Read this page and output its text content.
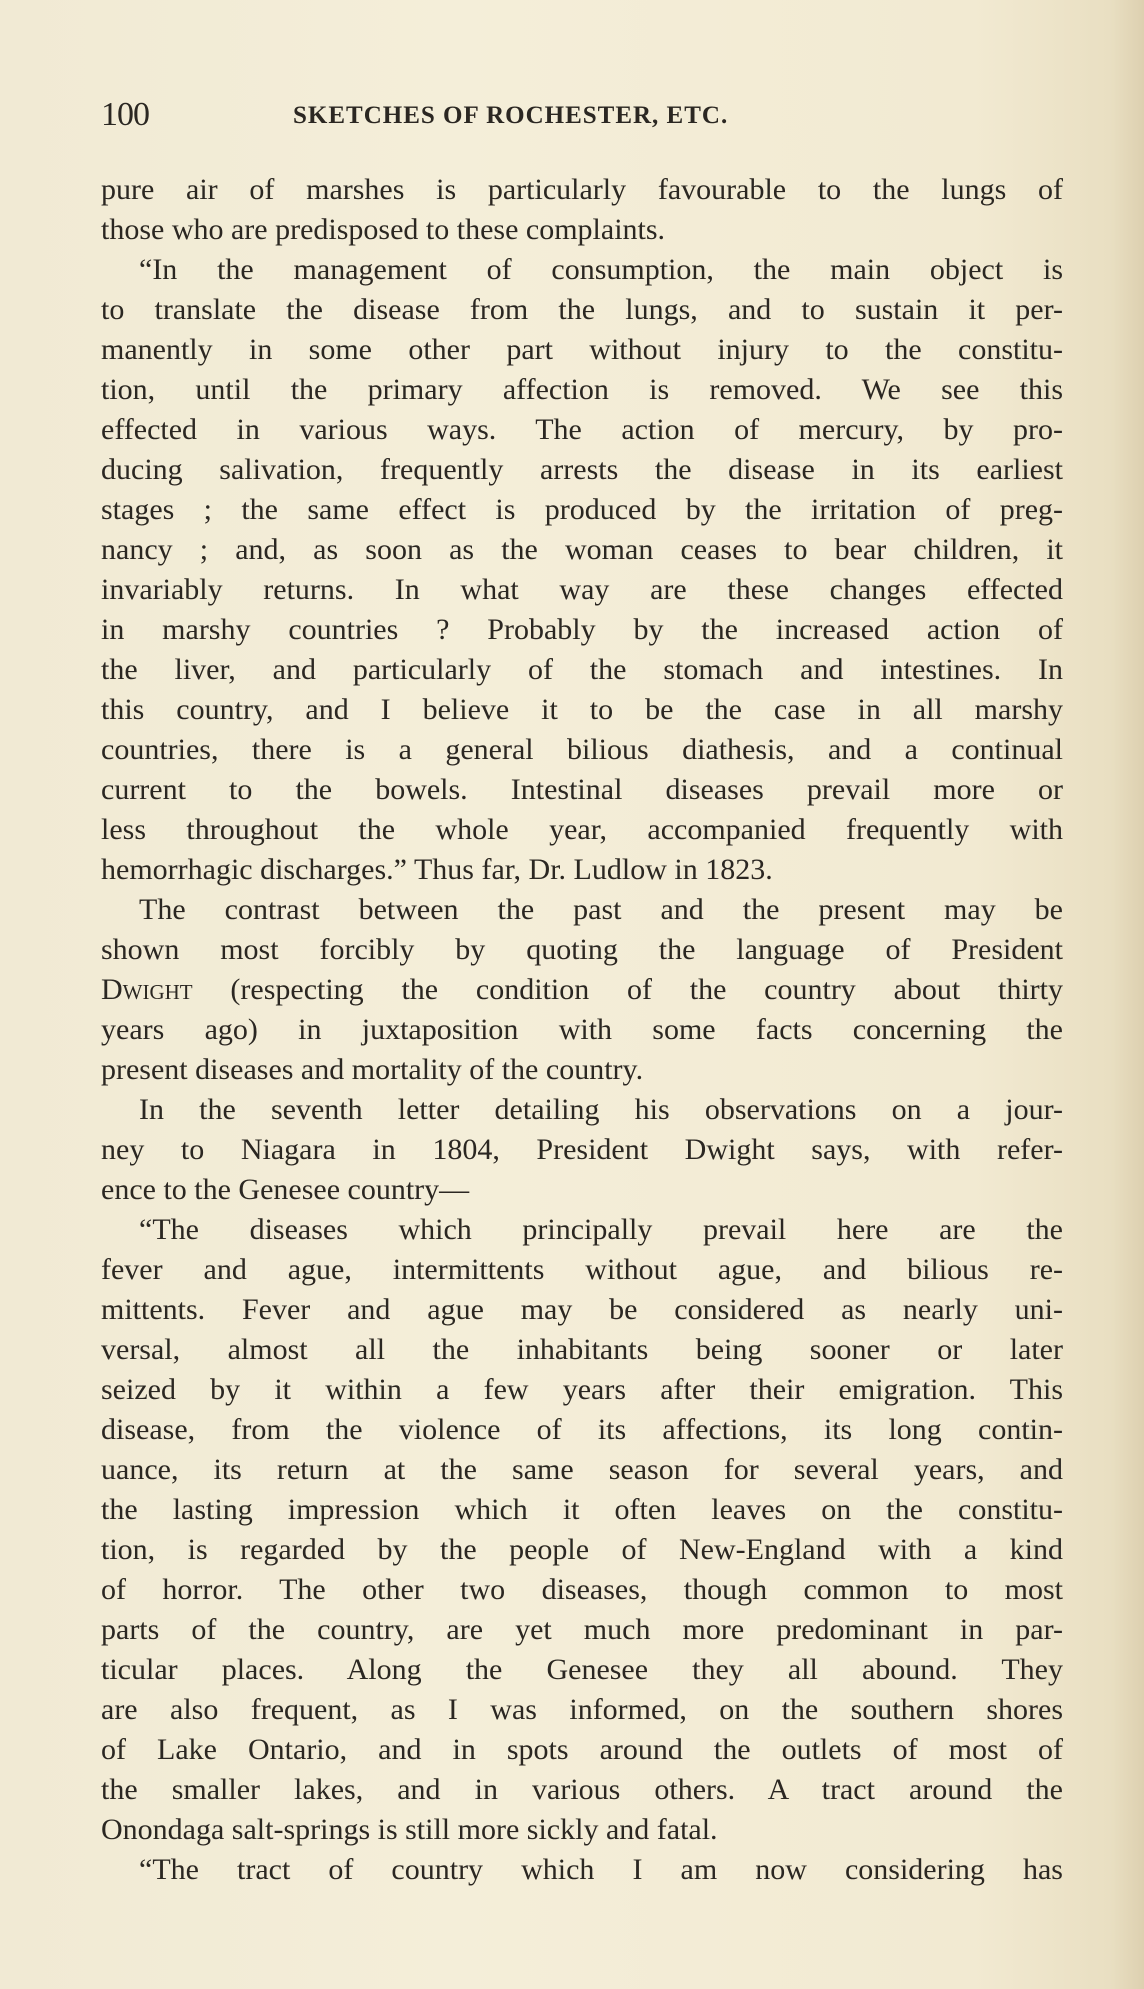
100	SKETCHES OF ROCHESTER, ETC.
pure air of marshes is particularly favourable to the lungs of
those who are predisposed to these complaints.
“In the management of consumption, the main object is
to translate the disease from the lungs, and to sustain it per-
manently in some other part without injury to the constitu-
tion, until the primary affection is removed. We see this
effected in various ways. The action of mercury, by pro-
ducing salivation, frequently arrests the disease in its earliest
stages ; the same effect is produced by the irritation of preg-
nancy ; and, as soon as the woman ceases to bear children, it
invariably returns. In what way are these changes effected
in marshy countries ? Probably by the increased action of
the liver, and particularly of the stomach and intestines. In
this country, and I believe it to be the case in all marshy
countries, there is a general bilious diathesis, and a continual
current to the bowels. Intestinal diseases prevail more or
less throughout the whole year, accompanied frequently with
hemorrhagic discharges.” Thus far, Dr. Ludlow in 1823.
The contrast between the past and the present may be
shown most forcibly by quoting the language of President
Dwight (respecting the condition of the country about thirty
years ago) in juxtaposition with some facts concerning the
present diseases and mortality of the country.
In the seventh letter detailing his observations on a jour-
ney to Niagara in 1804, President Dwight says, with refer-
ence to the Genesee country—
“The diseases which principally prevail here are the
fever and ague, intermittents without ague, and bilious re-
mittents. Fever and ague may be considered as nearly uni-
versal, almost all the inhabitants being sooner or later
seized by it within a few years after their emigration. This
disease, from the violence of its affections, its long contin-
uance, its return at the same season for several years, and
the lasting impression which it often leaves on the constitu-
tion, is regarded by the people of New-England with a kind
of horror. The other two diseases, though common to most
parts of the country, are yet much more predominant in par-
ticular places. Along the Genesee they all abound. They
are also frequent, as I was informed, on the southern shores
of Lake Ontario, and in spots around the outlets of most of
the smaller lakes, and in various others. A tract around the
Onondaga salt-springs is still more sickly and fatal.
“The tract of country which I am now considering has
